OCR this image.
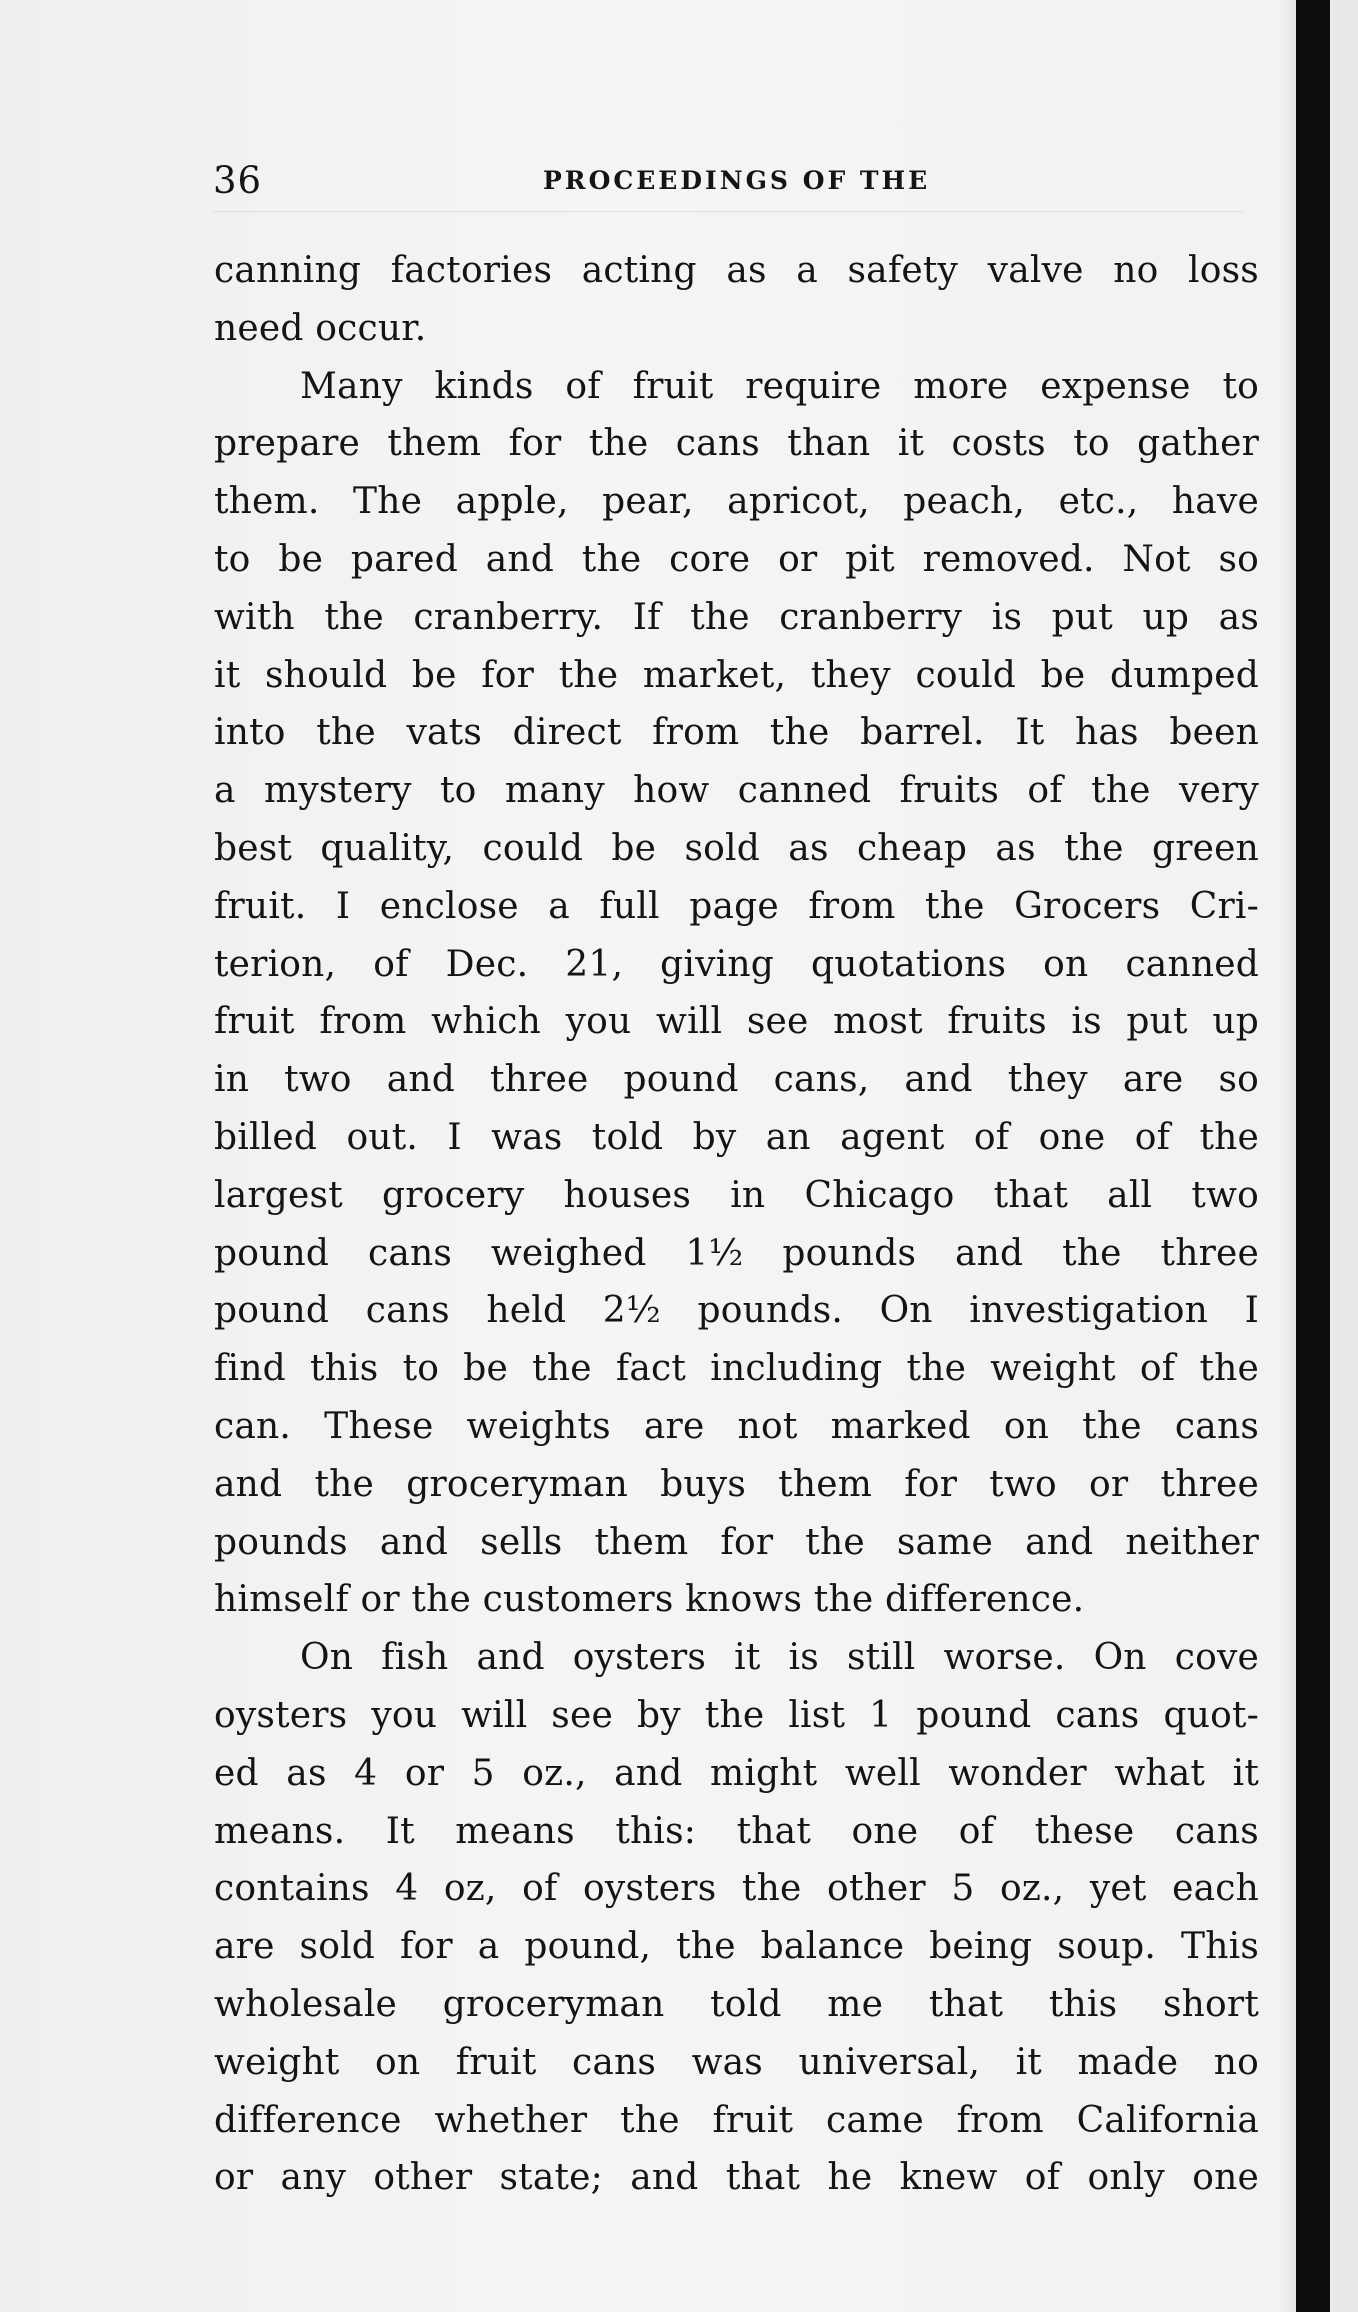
36	PROCEEDINGS OF THE
canning factories acting as a safety valve no loss
need occur.
Many kinds of fruit require more expense to
prepare them for the cans than it costs to gather
them. The apple, pear, apricot, peach, etc., have
to be pared and the core or pit removed. Not so
with the cranberry. If the cranberry is put up as
it should be for the market, they could be dumped
into the vats direct from the barrel. It has been
a mystery to many how canned fruits of the very
best quality, could be sold as cheap as the green
fruit. I enclose a full page from the Grocers Cri-
terion, of Dec. 21, giving quotations on canned
fruit from which you will see most fruits is put up
in two and three pound cans, and they are so
billed out. I was told by an agent of one of the
largest grocery houses in Chicago that all two
pound cans weighed 1½ pounds and the three
pound cans held 2½ pounds. On investigation I
find this to be the fact including the weight of the
can. These weights are not marked on the cans
and the groceryman buys them for two or three
pounds and sells them for the same and neither
himself or the customers knows the difference.
On fish and oysters it is still worse. On cove
oysters you will see by the list 1 pound cans quot-
ed as 4 or 5 oz., and might well wonder what it
means. It means this: that one of these cans
contains 4 oz, of oysters the other 5 oz., yet each
are sold for a pound, the balance being soup. This
wholesale groceryman told me that this short
weight on fruit cans was universal, it made no
difference whether the fruit came from California
or any other state; and that he knew of only one
